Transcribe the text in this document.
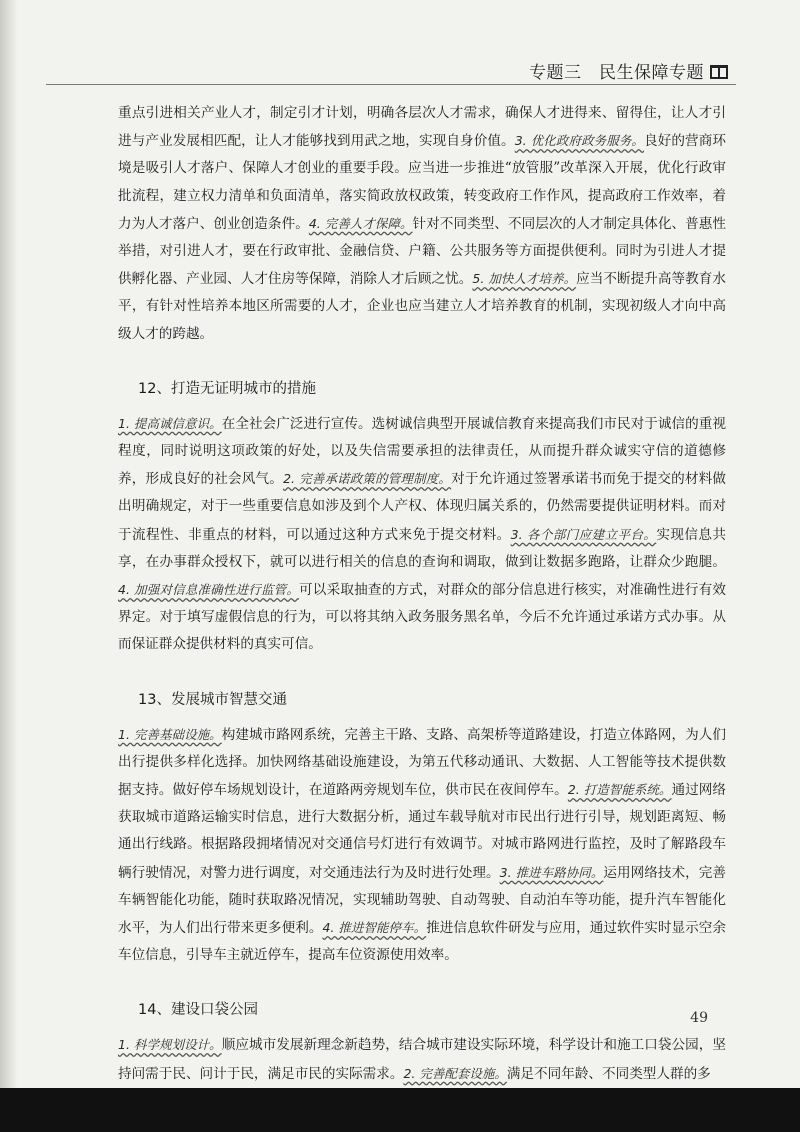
专题三　民生保障专题

重点引进相关产业人才，制定引才计划，明确各层次人才需求，确保人才进得来、留得住，让人才引进与产业发展相匹配，让人才能够找到用武之地，实现自身价值。3. 优化政府政务服务。良好的营商环境是吸引人才落户、保障人才创业的重要手段。应当进一步推进“放管服”改革深入开展，优化行政审批流程，建立权力清单和负面清单，落实简政放权政策，转变政府工作作风，提高政府工作效率，着力为人才落户、创业创造条件。4. 完善人才保障。针对不同类型、不同层次的人才制定具体化、普惠性举措，对引进人才，要在行政审批、金融信贷、户籍、公共服务等方面提供便利。同时为引进人才提供孵化器、产业园、人才住房等保障，消除人才后顾之忧。5. 加快人才培养。应当不断提升高等教育水平，有针对性培养本地区所需要的人才，企业也应当建立人才培养教育的机制，实现初级人才向中高级人才的跨越。

12、打造无证明城市的措施

1. 提高诚信意识。在全社会广泛进行宣传。选树诚信典型开展诚信教育来提高我们市民对于诚信的重视程度，同时说明这项政策的好处，以及失信需要承担的法律责任，从而提升群众诚实守信的道德修养，形成良好的社会风气。2. 完善承诺政策的管理制度。对于允许通过签署承诺书而免于提交的材料做出明确规定，对于一些重要信息如涉及到个人产权、体现归属关系的，仍然需要提供证明材料。而对于流程性、非重点的材料，可以通过这种方式来免于提交材料。3. 各个部门应建立平台。实现信息共享，在办事群众授权下，就可以进行相关的信息的查询和调取，做到让数据多跑路，让群众少跑腿。4. 加强对信息准确性进行监管。可以采取抽查的方式，对群众的部分信息进行核实，对准确性进行有效界定。对于填写虚假信息的行为，可以将其纳入政务服务黑名单，今后不允许通过承诺方式办事。从而保证群众提供材料的真实可信。

13、发展城市智慧交通

1. 完善基础设施。构建城市路网系统，完善主干路、支路、高架桥等道路建设，打造立体路网，为人们出行提供多样化选择。加快网络基础设施建设，为第五代移动通讯、大数据、人工智能等技术提供数据支持。做好停车场规划设计，在道路两旁规划车位，供市民在夜间停车。2. 打造智能系统。通过网络获取城市道路运输实时信息，进行大数据分析，通过车载导航对市民出行进行引导，规划距离短、畅通出行线路。根据路段拥堵情况对交通信号灯进行有效调节。对城市路网进行监控，及时了解路段车辆行驶情况，对警力进行调度，对交通违法行为及时进行处理。3. 推进车路协同。运用网络技术，完善车辆智能化功能，随时获取路况情况，实现辅助驾驶、自动驾驶、自动泊车等功能，提升汽车智能化水平，为人们出行带来更多便利。4. 推进智能停车。推进信息软件研发与应用，通过软件实时显示空余车位信息，引导车主就近停车，提高车位资源使用效率。

14、建设口袋公园

1. 科学规划设计。顺应城市发展新理念新趋势，结合城市建设实际环境，科学设计和施工口袋公园，坚持问需于民、问计于民，满足市民的实际需求。2. 完善配套设施。满足不同年龄、不同类型人群的多

49
